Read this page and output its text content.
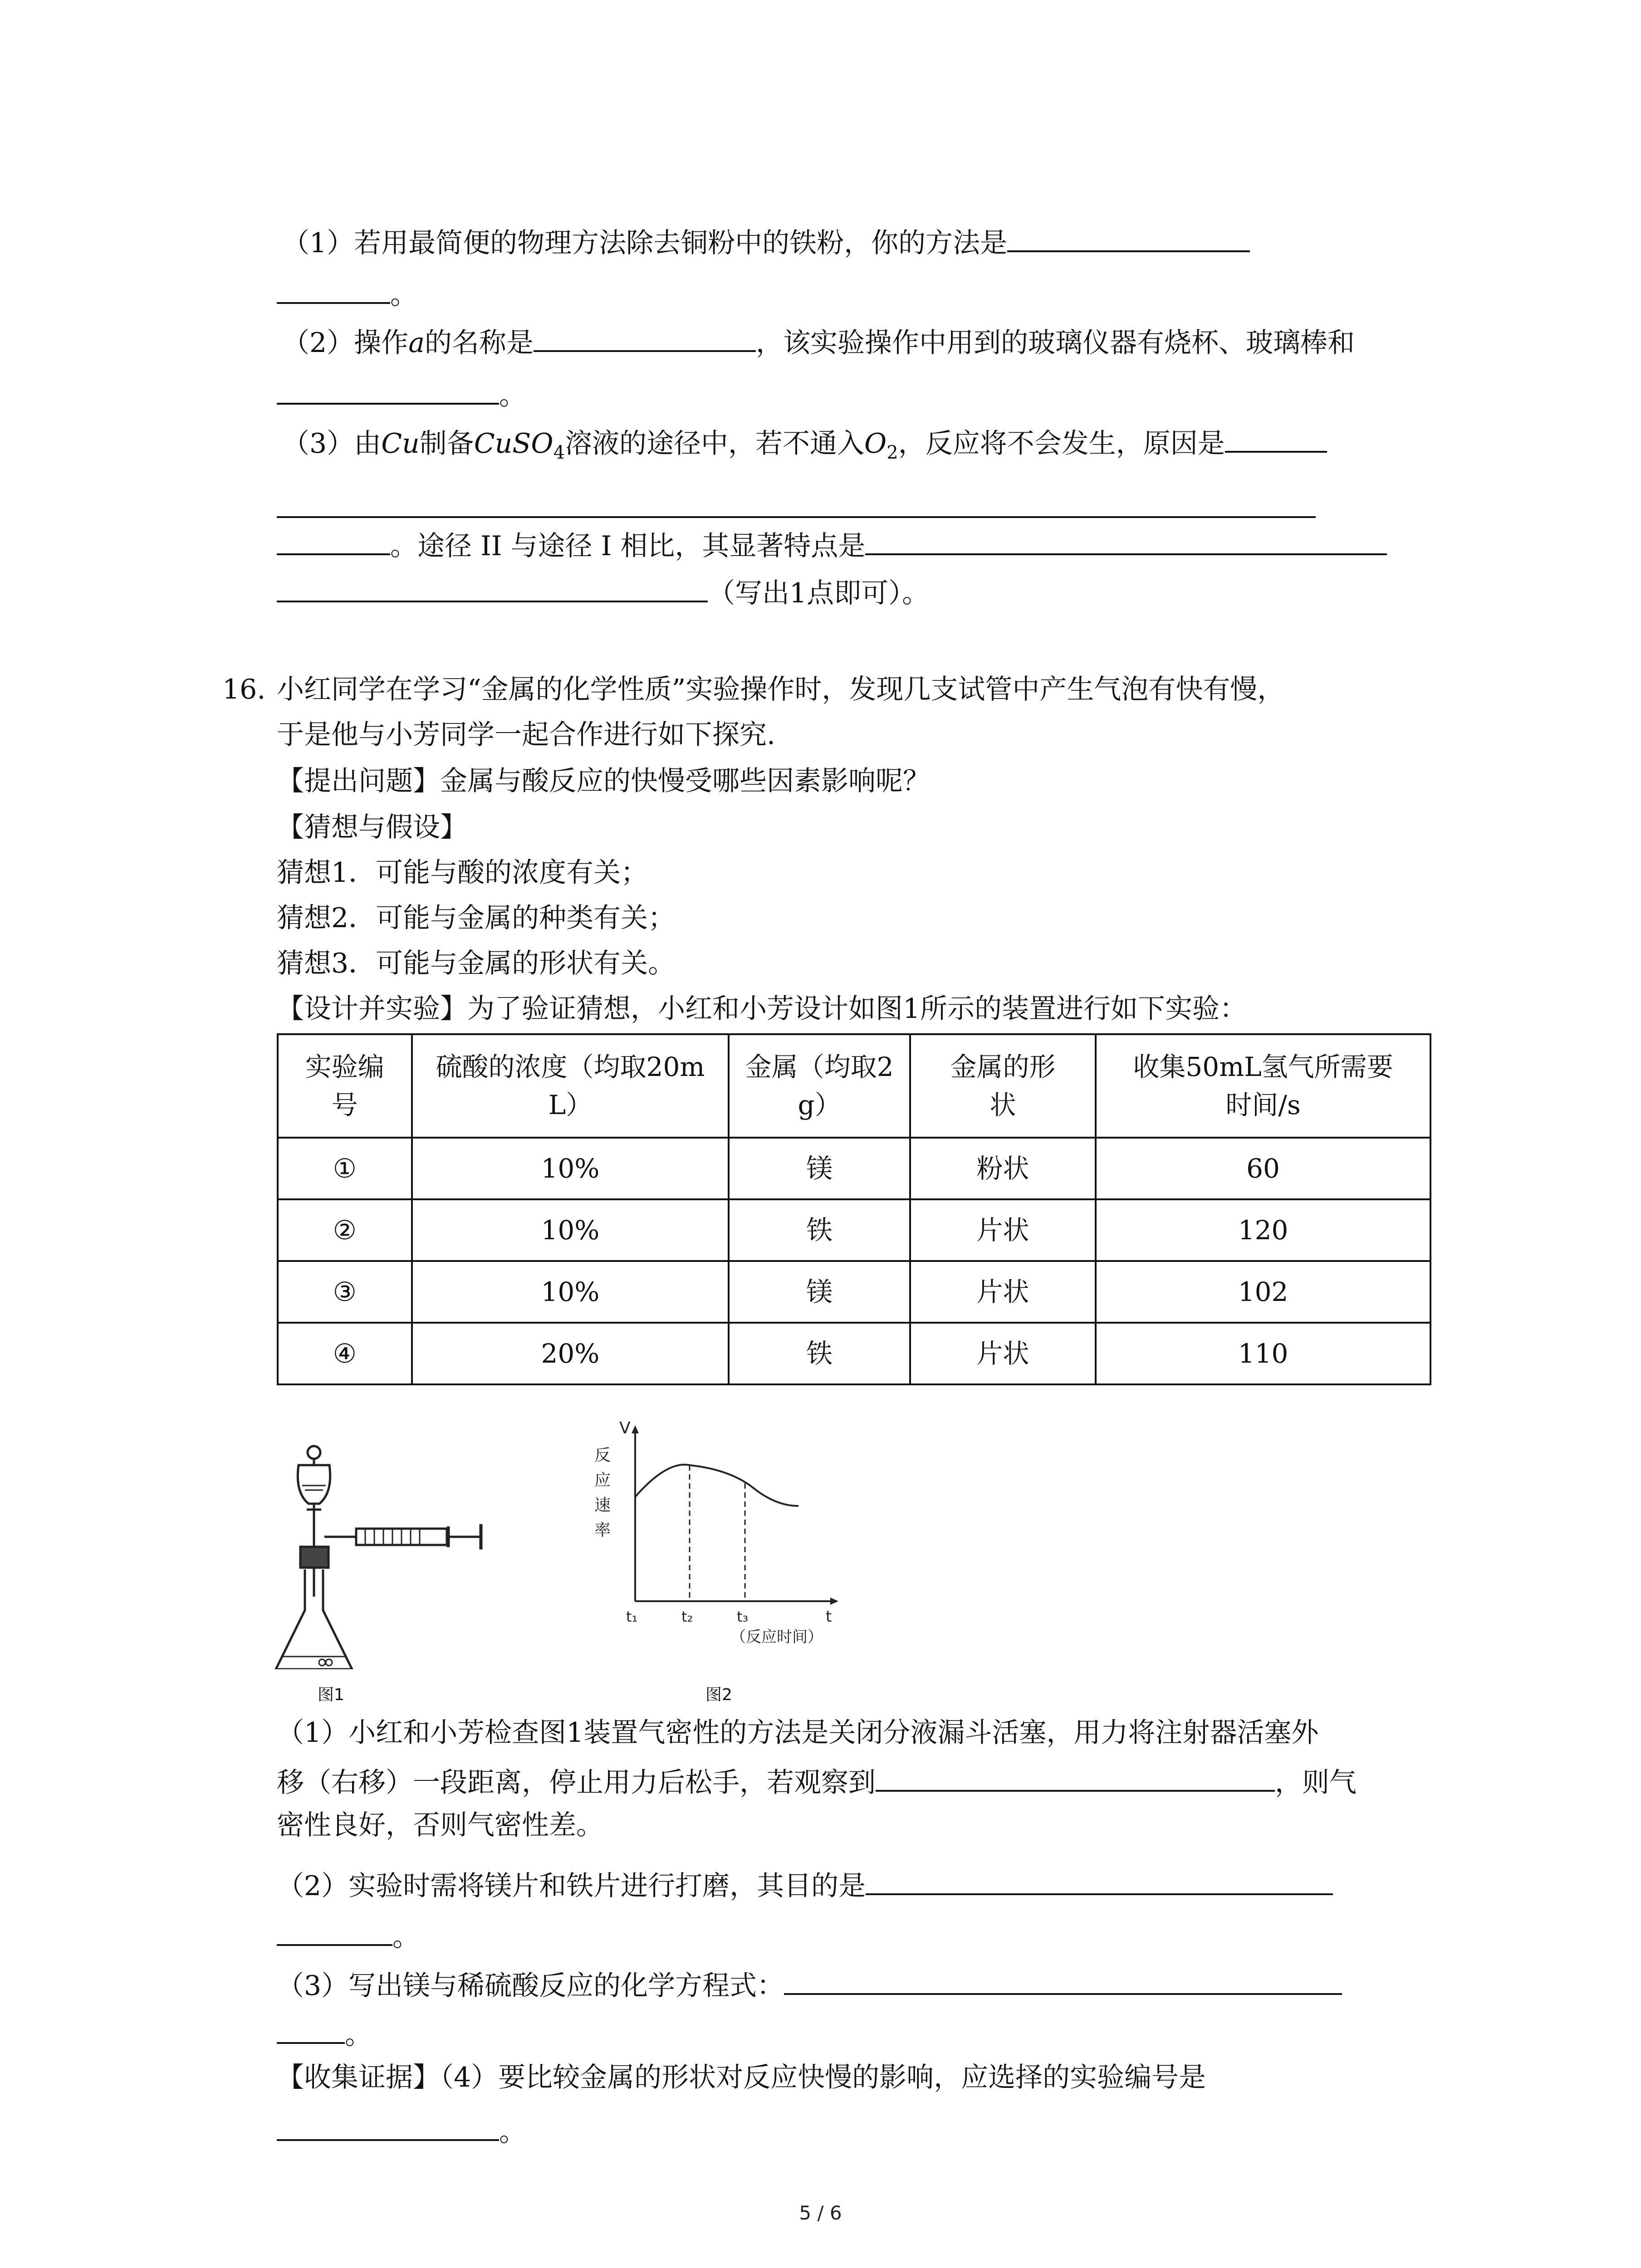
（1）若用最简便的物理方法除去铜粉中的铁粉，你的方法是
。
（2）操作a的名称是	，该实验操作中用到的玻璃仪器有烧杯、玻璃棒和
。
（3）由Cu制备CuSO$_4$溶液的途径中，若不通入$O_2$，反应将不会发生，原因是
。途径 II 与途径 I 相比，其显著特点是
（写出1点即可）。
16. 小红同学在学习“金属的化学性质”实验操作时，发现几支试管中产生气泡有快有慢，
于是他与小芳同学一起合作进行如下探究.
【提出问题】金属与酸反应的快慢受哪些因素影响呢？
【猜想与假设】
猜想1．可能与酸的浓度有关；
猜想2．可能与金属的种类有关；
猜想3．可能与金属的形状有关。
【设计并实验】为了验证猜想，小红和小芳设计如图1所示的装置进行如下实验：
实验编
号	硫酸的浓度（均取20m
L）	金属（均取2
g）	金属的形
状	收集50mL氢气所需要
时间/s
①	10%	镁	粉状	60
②	10%	铁	片状	120
③	10%	镁	片状	102
④	20%	铁	片状	110
图1
V
反
应
速
率
t₁	t₂	t₃	t
（反应时间）
图2
（1）小红和小芳检查图1装置气密性的方法是关闭分液漏斗活塞，用力将注射器活塞外
移（右移）一段距离，停止用力后松手，若观察到	，则气
密性良好，否则气密性差。
（2）实验时需将镁片和铁片进行打磨，其目的是
。
（3）写出镁与稀硫酸反应的化学方程式：
。
【收集证据】（4）要比较金属的形状对反应快慢的影响，应选择的实验编号是
。
5 / 6
